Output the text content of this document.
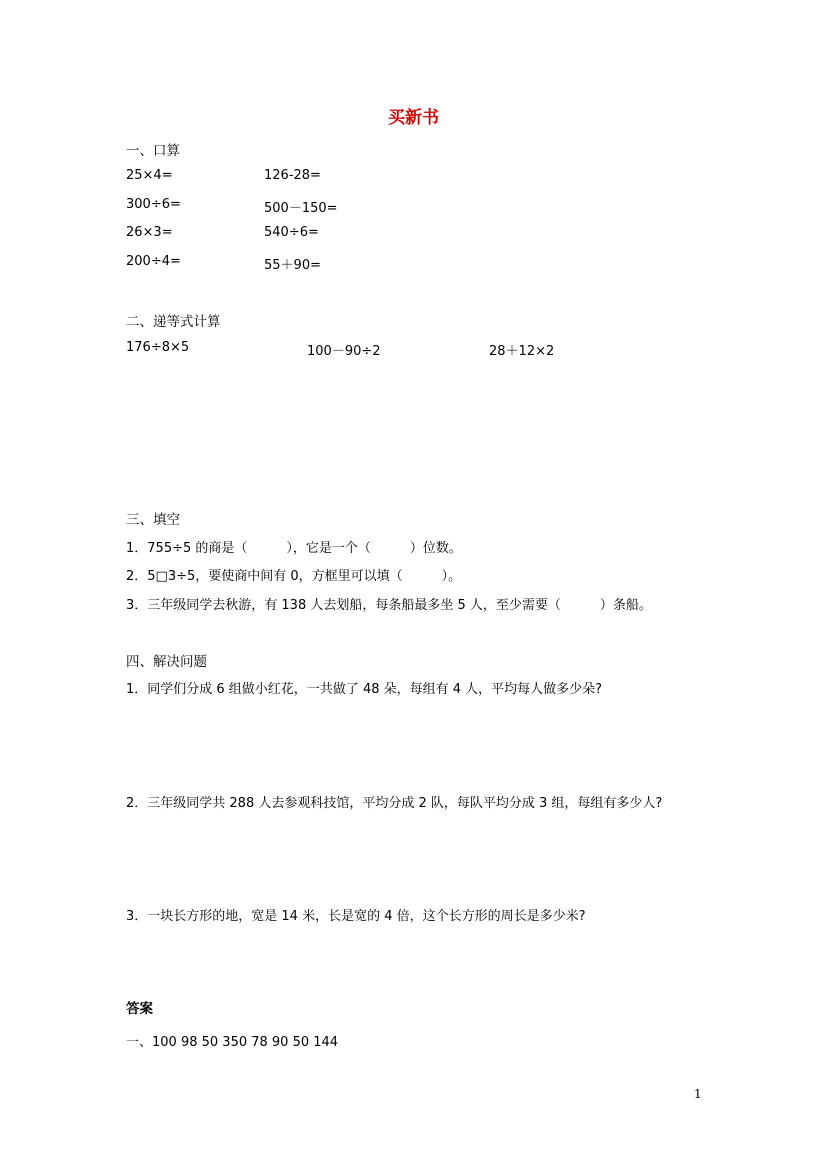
买新书
一、口算
25×4=	126-28=
300÷6=	500－150=
26×3=	540÷6=
200÷4=	55＋90=
二、递等式计算
176÷8×5	100－90÷2	28＋12×2
三、填空
1．755÷5 的商是（　　　），它是一个（　　　）位数。
2．5□3÷5，要使商中间有 0，方框里可以填（　　　）。
3．三年级同学去秋游，有 138 人去划船，每条船最多坐 5 人，至少需要（　　　）条船。
四、解决问题
1．同学们分成 6 组做小红花，一共做了 48 朵，每组有 4 人，平均每人做多少朵?
2．三年级同学共 288 人去参观科技馆，平均分成 2 队，每队平均分成 3 组，每组有多少人?
3．一块长方形的地，宽是 14 米，长是宽的 4 倍，这个长方形的周长是多少米?
答案
一、100 98 50 350 78 90 50 144
1
